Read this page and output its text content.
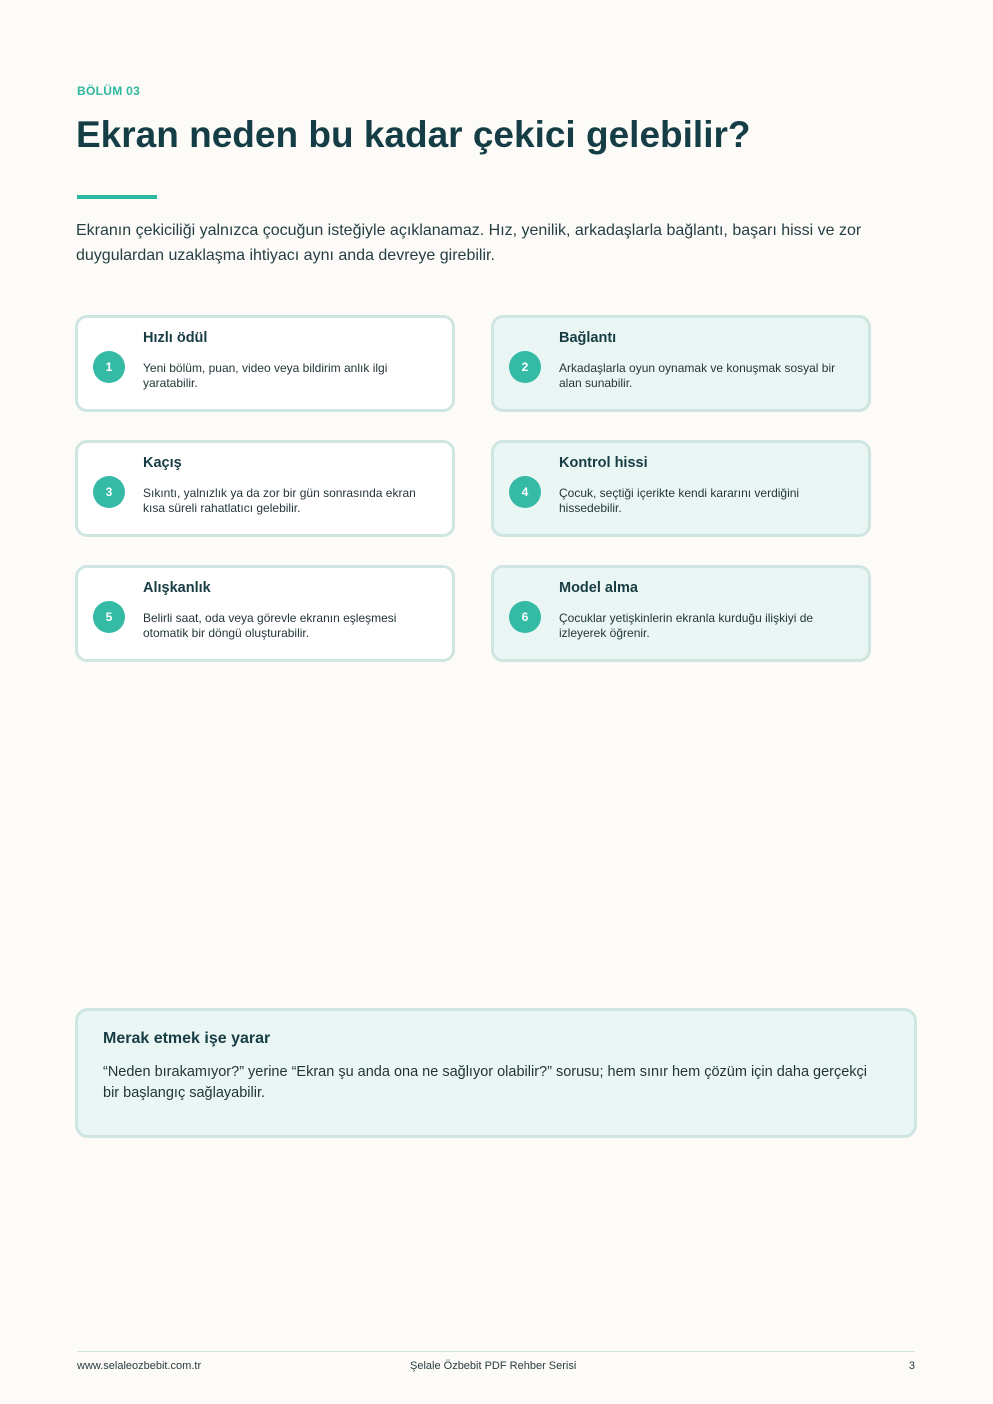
BÖLÜM 03
Ekran neden bu kadar çekici gelebilir?

Ekranın çekiciliği yalnızca çocuğun isteğiyle açıklanamaz. Hız, yenilik, arkadaşlarla bağlantı, başarı hissi ve zor duygulardan uzaklaşma ihtiyacı aynı anda devreye girebilir.

1
Hızlı ödül
Yeni bölüm, puan, video veya bildirim anlık ilgi yaratabilir.
2
Bağlantı
Arkadaşlarla oyun oynamak ve konuşmak sosyal bir alan sunabilir.
3
Kaçış
Sıkıntı, yalnızlık ya da zor bir gün sonrasında ekran kısa süreli rahatlatıcı gelebilir.
4
Kontrol hissi
Çocuk, seçtiği içerikte kendi kararını verdiğini hissedebilir.
5
Alışkanlık
Belirli saat, oda veya görevle ekranın eşleşmesi otomatik bir döngü oluşturabilir.
6
Model alma
Çocuklar yetişkinlerin ekranla kurduğu ilişkiyi de izleyerek öğrenir.
Merak etmek işe yarar
“Neden bırakamıyor?” yerine “Ekran şu anda ona ne sağlıyor olabilir?” sorusu; hem sınır hem çözüm için daha gerçekçi bir başlangıç sağlayabilir.
www.selaleozbebit.com.tr	Şelale Özbebit PDF Rehber Serisi	3
